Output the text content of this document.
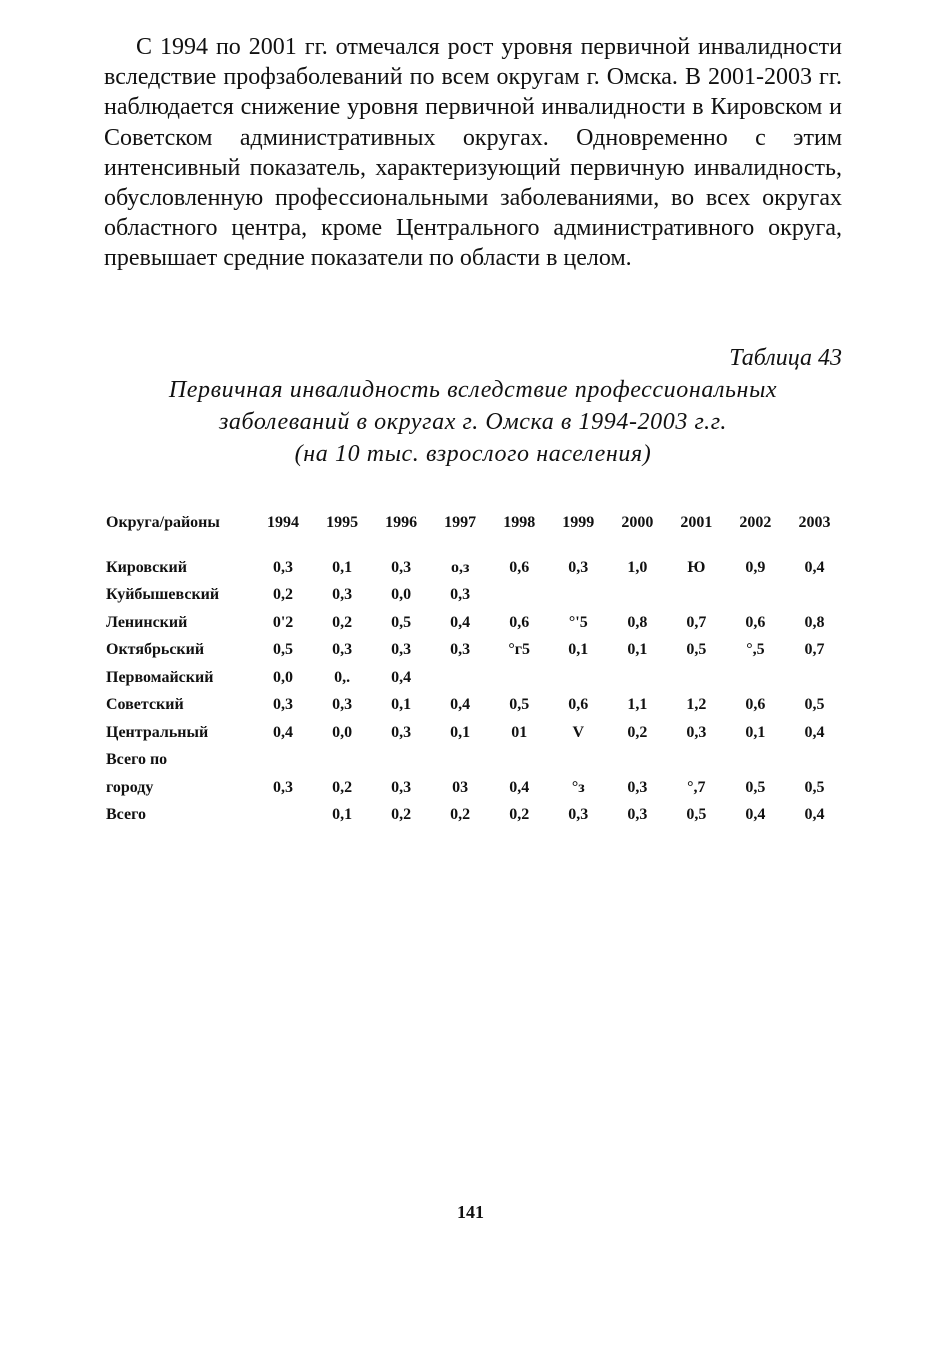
С 1994 по 2001 гг. отмечался рост уровня первичной инвалидности вследствие профзаболеваний по всем округам г. Омска. В 2001-2003 гг. наблюдается снижение уровня первичной инвалидности в Кировском и Советском административных округах. Одновременно с этим интенсивный показатель, характеризующий первичную инвалидность, обусловленную профессиональными заболеваниями, во всех округах областного центра, кроме Центрального административного округа, превышает средние показатели по области в целом.

Таблица 43

Первичная инвалидность вследствие профессиональных
заболеваний в округах г. Омска в 1994-2003 г.г.
(на 10 тыс. взрослого населения)

Округа/районы	1994	1995	1996	1997	1998	1999	2000	2001	2002	2003

Кировский	0,3	0,1	0,3	о,з	0,6	0,3	1,0	Ю	0,9	0,4
Куйбышевский	0,2	0,3	0,0	0,3						
Ленинский	0'2	0,2	0,5	0,4	0,6	°'5	0,8	0,7	0,6	0,8
Октябрьский	0,5	0,3	0,3	0,3	°г5	0,1	0,1	0,5	°,5	0,7
Первомайский	0,0	0,.	0,4							
Советский	0,3	0,3	0,1	0,4	0,5	0,6	1,1	1,2	0,6	0,5
Центральный	0,4	0,0	0,3	0,1	01	V	0,2	0,3	0,1	0,4
Всего по										
городу	0,3	0,2	0,3	03	0,4	°з	0,3	°,7	0,5	0,5
Всего		0,1	0,2	0,2	0,2	0,3	0,3	0,5	0,4	0,4
141
